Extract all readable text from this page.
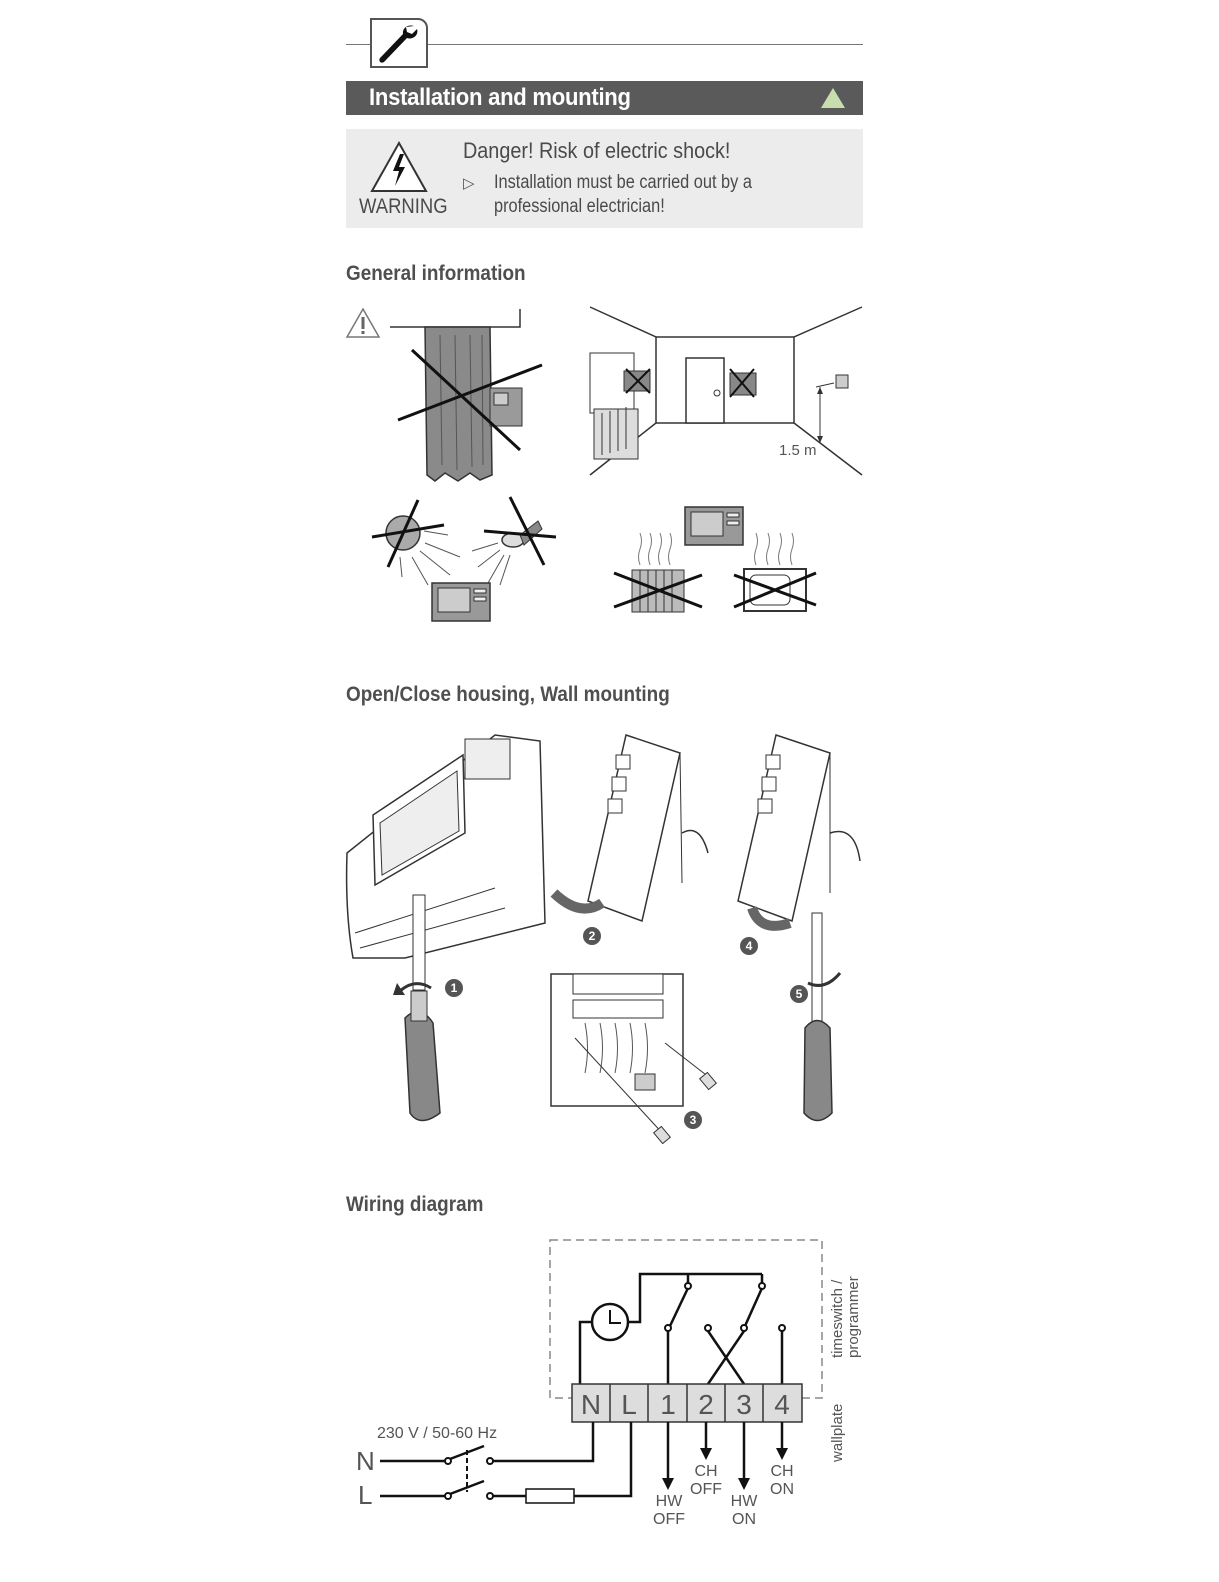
Installation and mounting
WARNING
Danger! Risk of electric shock!
▷ Installation must be carried out by a
professional electrician!
General information
1.5 m
Open/Close housing, Wall mounting
1
2
3
4
5
Wiring diagram
N L 1 2 3 4
HW
OFF
CH
OFF
HW
ON
CH
ON
230 V / 50-60 Hz
N
L
timeswitch / programmer
wallplate
